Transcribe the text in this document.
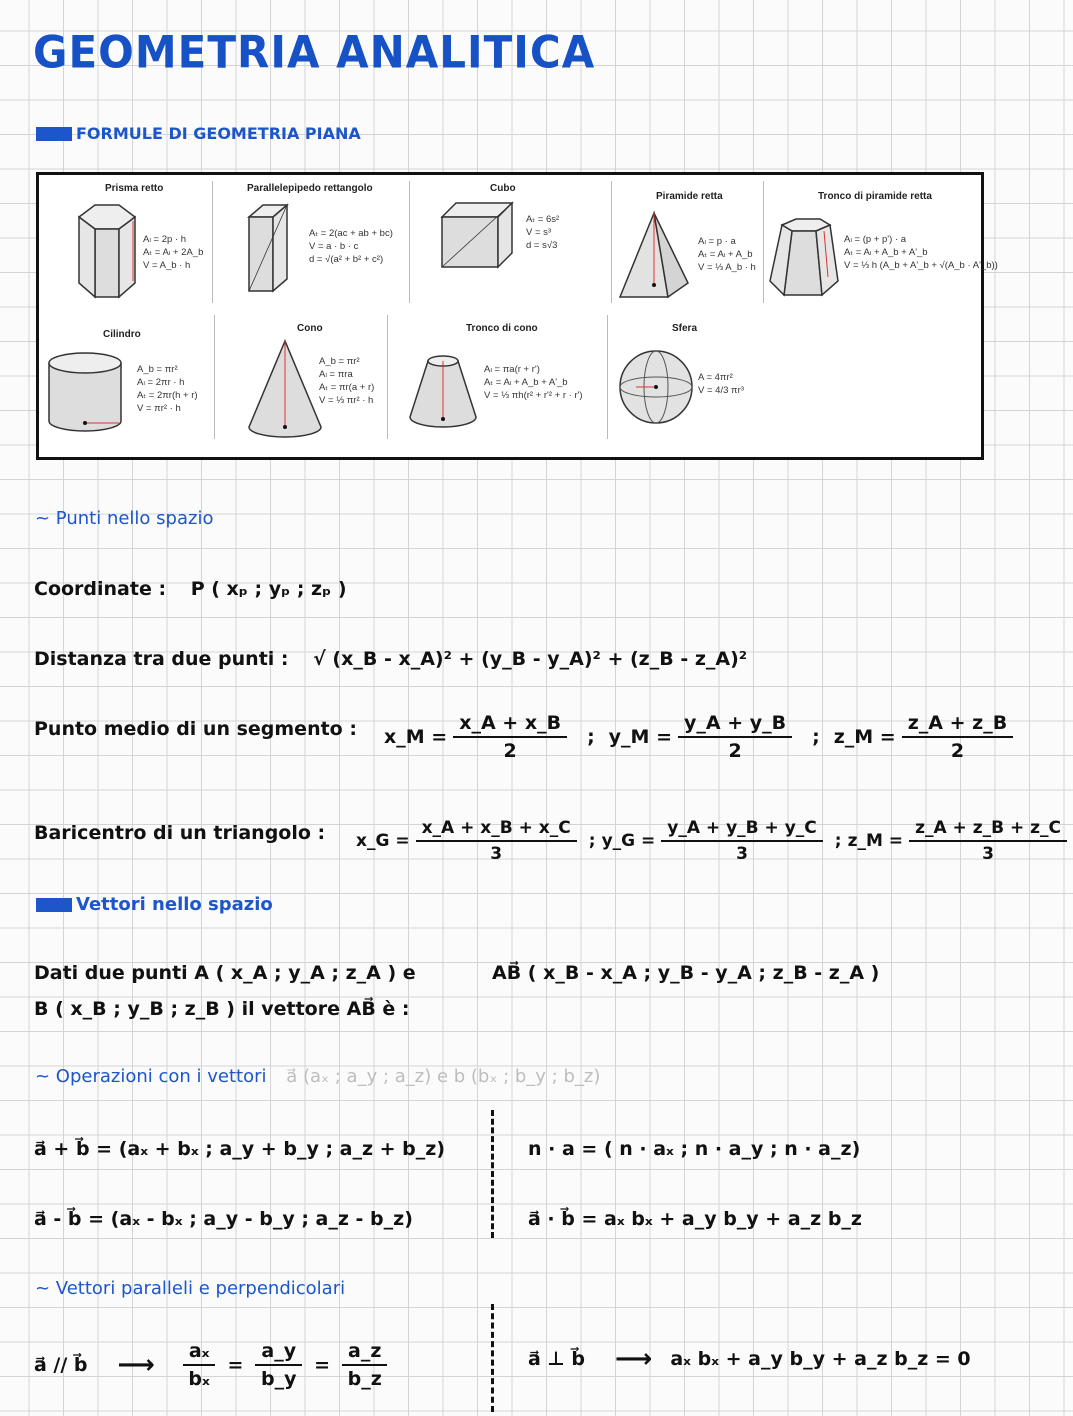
GEOMETRIA ANALITICA
FORMULE DI GEOMETRIA PIANA
Prisma retto
Aₗ = 2p · h
Aₜ = Aₗ + 2A_b
V = A_b · h
Parallelepipedo rettangolo
Aₜ = 2(ac + ab + bc)
V = a · b · c
d = √(a² + b² + c²)
Cubo
Aₜ = 6s²
V = s³
d = s√3
Piramide retta
Aₗ = p · a
Aₜ = Aₗ + A_b
V = ⅓ A_b · h
Tronco di piramide retta
Aₗ = (p + p') · a
Aₜ = Aₗ + A_b + A'_b
V = ⅓ h (A_b + A'_b + √(A_b · A'_b))
Cilindro
A_b = πr²
Aₗ = 2πr · h
Aₜ = 2πr(h + r)
V = πr² · h
Cono
A_b = πr²
Aₗ = πra
Aₜ = πr(a + r)
V = ⅓ πr² · h
Tronco di cono
Aₗ = πa(r + r')
Aₜ = Aₗ + A_b + A'_b
V = ⅓ πh(r² + r'² + r · r')
Sfera
A = 4πr²
V = 4/3 πr³
~ Punti nello spazio
Coordinate : P ( xₚ ; yₚ ; zₚ )
Distanza tra due punti : √ (x_B - x_A)² + (y_B - y_A)² + (z_B - z_A)²
Punto medio di un segmento : x_M = $\frac{x\_A + x\_B}{2}$ ; y_M = $\frac{y\_A + y\_B}{2}$ ; z_M = $\frac{z\_A + z\_B}{2}$
Baricentro di un triangolo : x_G = $\frac{x\_A + x\_B + x\_C}{3}$ ; y_G = $\frac{y\_A + y\_B + y\_C}{3}$ ; z_M = $\frac{z\_A + z\_B + z\_C}{3}$
Vettori nello spazio
Dati due punti A ( x_A ; y_A ; z_A ) e
B ( x_B ; y_B ; z_B ) il vettore AB⃗ è :
AB⃗ ( x_B - x_A ; y_B - y_A ; z_B - z_A )
~ Operazioni con i vettori a⃗ (aₓ ; a_y ; a_z) e b (bₓ ; b_y ; b_z)
a⃗ + b⃗ = (aₓ + bₓ ; a_y + b_y ; a_z + b_z)
a⃗ - b⃗ = (aₓ - bₓ ; a_y - b_y ; a_z - b_z)
n · a = ( n · aₓ ; n · a_y ; n · a_z)
a⃗ · b⃗ = aₓ bₓ + a_y b_y + a_z b_z
~ Vettori paralleli e perpendicolari
a⃗ // b⃗ ⟶ $\frac{\text{aₓ}}{\text{bₓ}} = \frac{a\_y}{b\_y} = \frac{a\_z}{b\_z}$	a⃗ ⊥ b⃗ ⟶ aₓ bₓ + a_y b_y + a_z b_z = 0
